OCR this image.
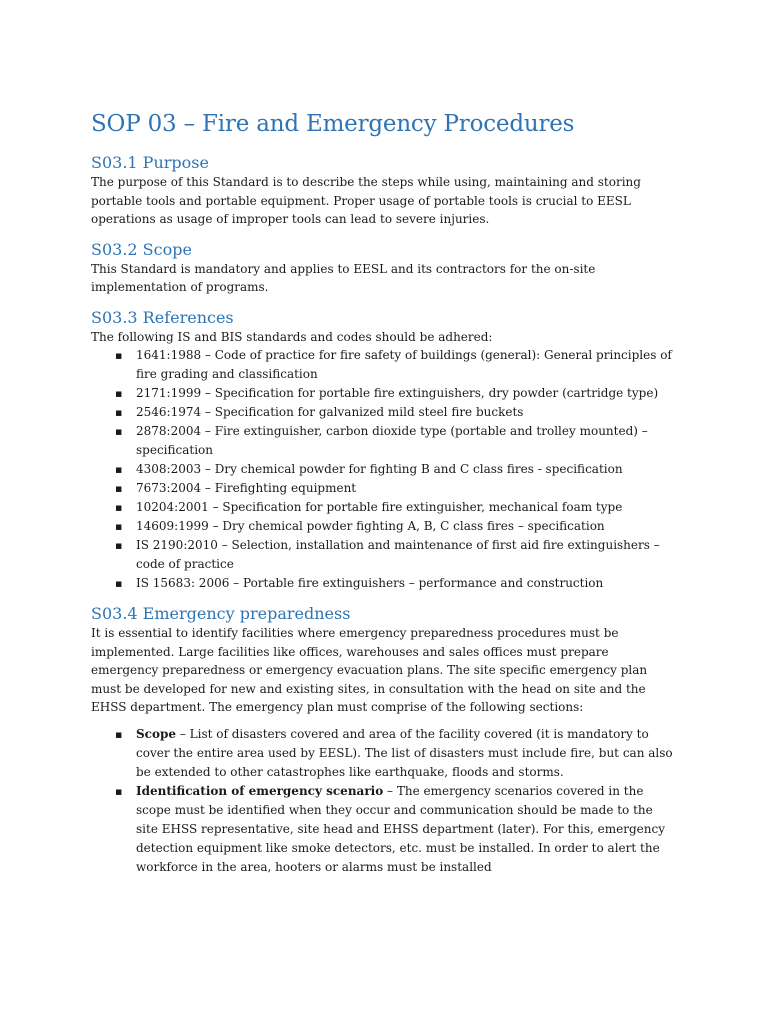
SOP 03 – Fire and Emergency Procedures
S03.1 Purpose

The purpose of this Standard is to describe the steps while using, maintaining and storing portable tools and portable equipment. Proper usage of portable tools is crucial to EESL operations as usage of improper tools can lead to severe injuries.

S03.2 Scope

This Standard is mandatory and applies to EESL and its contractors for the on-site implementation of programs.

S03.3 References

The following IS and BIS standards and codes should be adhered:

▪ 1641:1988 – Code of practice for fire safety of buildings (general): General principles of fire grading and classification
▪ 2171:1999 – Specification for portable fire extinguishers, dry powder (cartridge type)
▪ 2546:1974 – Specification for galvanized mild steel fire buckets
▪ 2878:2004 – Fire extinguisher, carbon dioxide type (portable and trolley mounted) – specification
▪ 4308:2003 – Dry chemical powder for fighting B and C class fires - specification
▪ 7673:2004 – Firefighting equipment
▪ 10204:2001 – Specification for portable fire extinguisher, mechanical foam type
▪ 14609:1999 – Dry chemical powder fighting A, B, C class fires – specification
▪ IS 2190:2010 – Selection, installation and maintenance of first aid fire extinguishers – code of practice
▪ IS 15683: 2006 – Portable fire extinguishers – performance and construction
S03.4 Emergency preparedness

It is essential to identify facilities where emergency preparedness procedures must be implemented. Large facilities like offices, warehouses and sales offices must prepare emergency preparedness or emergency evacuation plans. The site specific emergency plan must be developed for new and existing sites, in consultation with the head on site and the EHSS department. The emergency plan must comprise of the following sections:

▪ Scope – List of disasters covered and area of the facility covered (it is mandatory to cover the entire area used by EESL). The list of disasters must include fire, but can also be extended to other catastrophes like earthquake, floods and storms.
▪ Identification of emergency scenario – The emergency scenarios covered in the scope must be identified when they occur and communication should be made to the site EHSS representative, site head and EHSS department (later). For this, emergency detection equipment like smoke detectors, etc. must be installed. In order to alert the workforce in the area, hooters or alarms must be installed
